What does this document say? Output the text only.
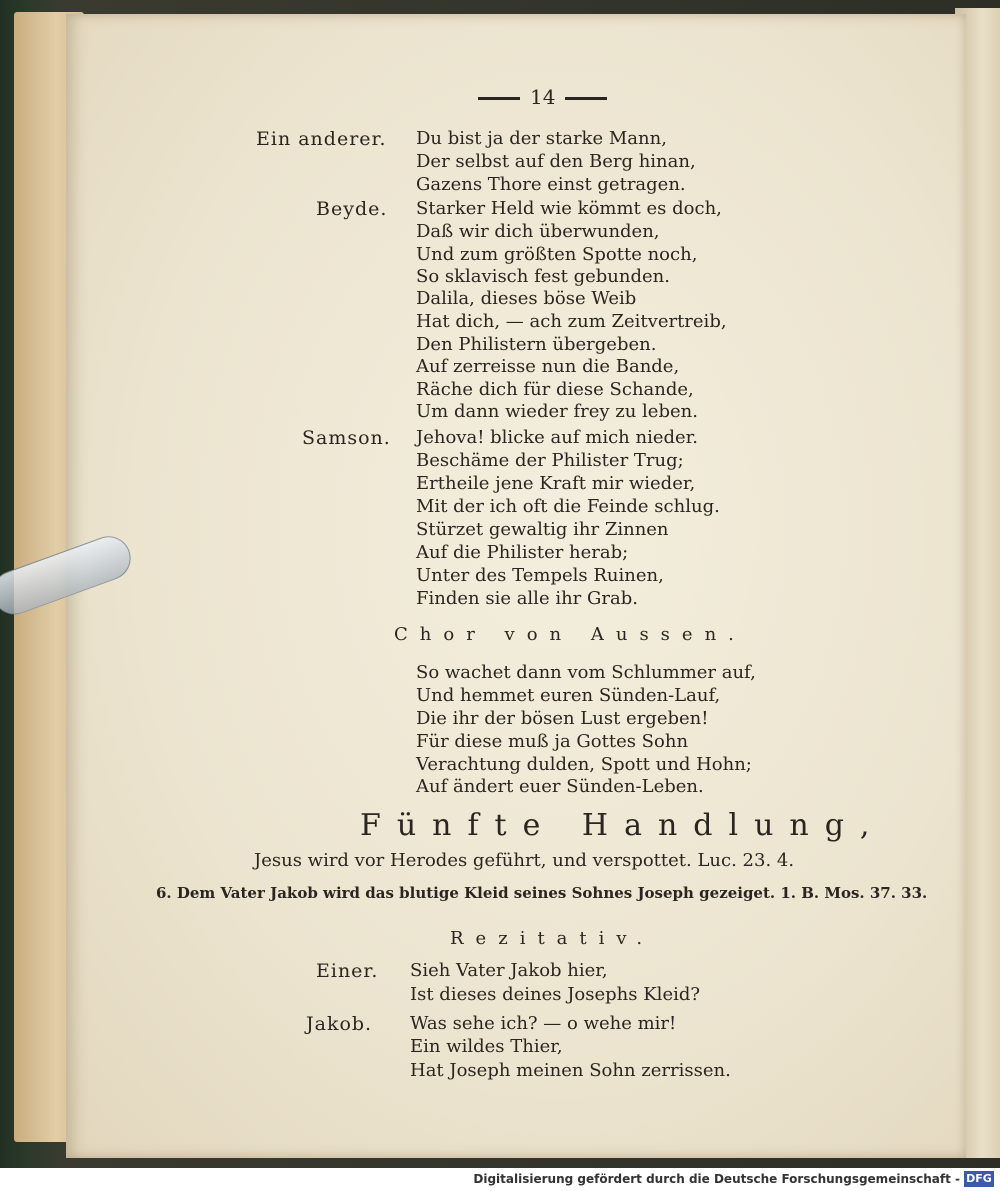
14
Ein anderer. Du bist ja der starke Mann,
Der selbst auf den Berg hinan,
Gazens Thore einst getragen.
Beyde. Starker Held wie kömmt es doch,
Daß wir dich überwunden,
Und zum größten Spotte noch,
So sklavisch fest gebunden.
Dalila, dieses böse Weib
Hat dich, — ach zum Zeitvertreib,
Den Philistern übergeben.
Auf zerreisse nun die Bande,
Räche dich für diese Schande,
Um dann wieder frey zu leben.
Samson. Jehova! blicke auf mich nieder.
Beschäme der Philister Trug;
Ertheile jene Kraft mir wieder,
Mit der ich oft die Feinde schlug.
Stürzet gewaltig ihr Zinnen
Auf die Philister herab;
Unter des Tempels Ruinen,
Finden sie alle ihr Grab.
Chor von Aussen.
So wachet dann vom Schlummer auf,
Und hemmet euren Sünden-Lauf,
Die ihr der bösen Lust ergeben!
Für diese muß ja Gottes Sohn
Verachtung dulden, Spott und Hohn;
Auf ändert euer Sünden-Leben.
Fünfte Handlung,
Jesus wird vor Herodes geführt, und verspottet. Luc. 23. 4.
6. Dem Vater Jakob wird das blutige Kleid seines Sohnes Joseph gezeiget. 1. B. Mos. 37. 33.
Rezitativ.
Einer. Sieh Vater Jakob hier,
Ist dieses deines Josephs Kleid?
Jakob. Was sehe ich? — o wehe mir!
Ein wildes Thier,
Hat Joseph meinen Sohn zerrissen.
Digitalisierung gefördert durch die Deutsche Forschungsgemeinschaft - DFG
